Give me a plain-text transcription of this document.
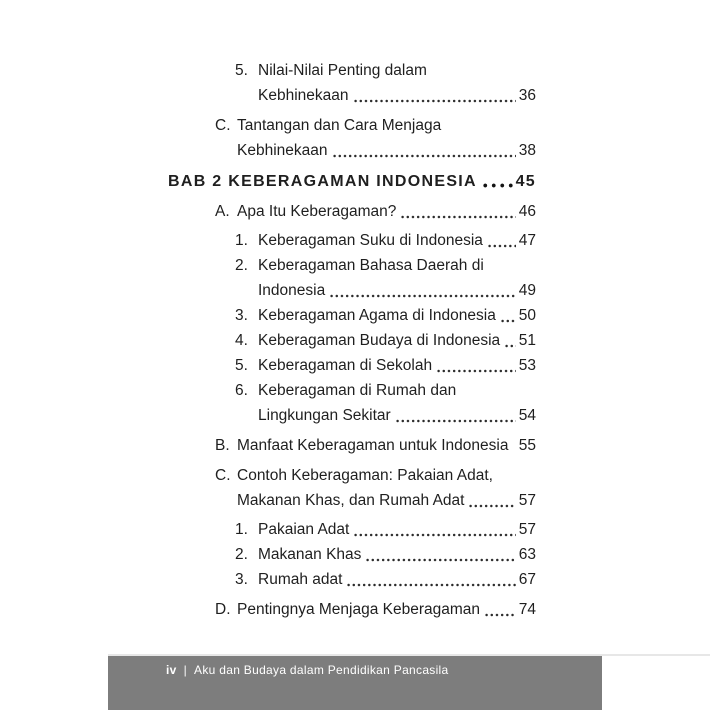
5. Nilai-Nilai Penting dalam
Kebhinekaan	36
C. Tantangan dan Cara Menjaga
Kebhinekaan	38
BAB 2 KEBERAGAMAN INDONESIA 45
A. Apa Itu Keberagaman?	46
1. Keberagaman Suku di Indonesia 47
2. Keberagaman Bahasa Daerah di
Indonesia	49
3. Keberagaman Agama di Indonesia 50
4. Keberagaman Budaya di Indonesia 51
5. Keberagaman di Sekolah	53
6. Keberagaman di Rumah dan
Lingkungan Sekitar	54
B. Manfaat Keberagaman untuk Indonesia 55
C. Contoh Keberagaman: Pakaian Adat,
Makanan Khas, dan Rumah Adat	57
1. Pakaian Adat	57
2. Makanan Khas	63
3. Rumah adat	67
D. Pentingnya Menjaga Keberagaman 74
iv | Aku dan Budaya dalam Pendidikan Pancasila
